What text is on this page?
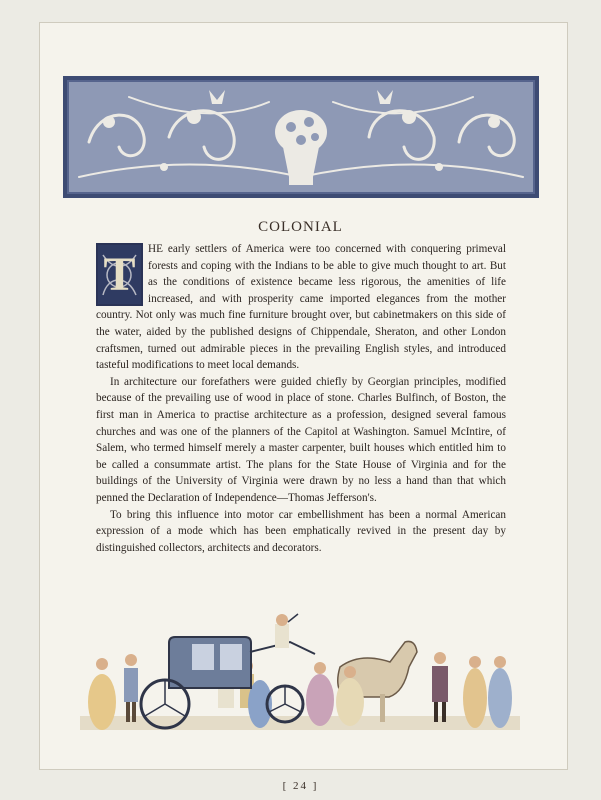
COLONIAL

T	HE early settlers of America were too concerned with conquering primeval forests and coping with the Indians to be able to give much thought to art. But as the conditions of existence became less rigorous, the amenities of life increased, and with prosperity came imported elegances from the mother country. Not only was much fine furniture brought over, but cabinetmakers on this side of the water, aided by the published designs of Chippendale, Sheraton, and other London craftsmen, turned out admirable pieces in the prevailing English styles, and introduced tasteful modifications to meet local demands.

In architecture our forefathers were guided chiefly by Georgian principles, modified because of the prevailing use of wood in place of stone. Charles Bulfinch, of Boston, the first man in America to practise architecture as a profession, designed several famous churches and was one of the planners of the Capitol at Washington. Samuel McIntire, of Salem, who termed himself merely a master carpenter, built houses which entitled him to be called a consummate artist. The plans for the State House of Virginia and for the buildings of the University of Virginia were drawn by no less a hand than that which penned the Declaration of Independence—Thomas Jefferson's.

To bring this influence into motor car embellishment has been a normal American expression of a mode which has been emphatically revived in the present day by distinguished collectors, architects and decorators.

[ 24 ]
